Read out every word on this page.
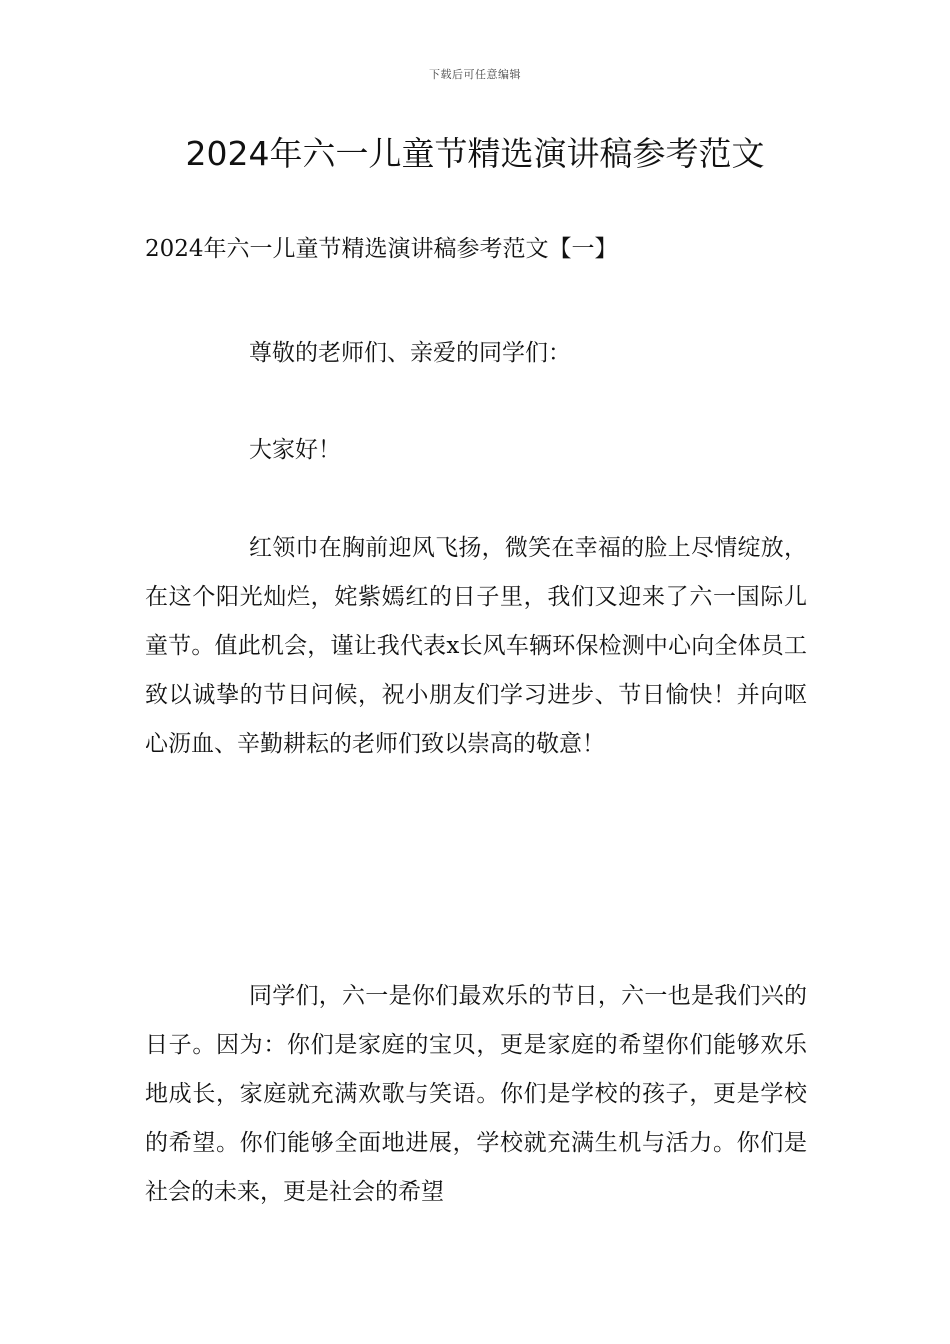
下载后可任意编辑
2024年六一儿童节精选演讲稿参考范文

2024年六一儿童节精选演讲稿参考范文【一】

尊敬的老师们、亲爱的同学们：

大家好！

红领巾在胸前迎风飞扬，微笑在幸福的脸上尽情绽放，在这个阳光灿烂，姹紫嫣红的日子里，我们又迎来了六一国际儿童节。值此机会，谨让我代表x长风车辆环保检测中心向全体员工致以诚挚的节日问候，祝小朋友们学习进步、节日愉快！并向呕心沥血、辛勤耕耘的老师们致以崇高的敬意！

同学们，六一是你们最欢乐的节日，六一也是我们兴的日子。因为：你们是家庭的宝贝，更是家庭的希望你们能够欢乐地成长，家庭就充满欢歌与笑语。你们是学校的孩子，更是学校的希望。你们能够全面地进展，学校就充满生机与活力。你们是社会的未来，更是社会的希望
